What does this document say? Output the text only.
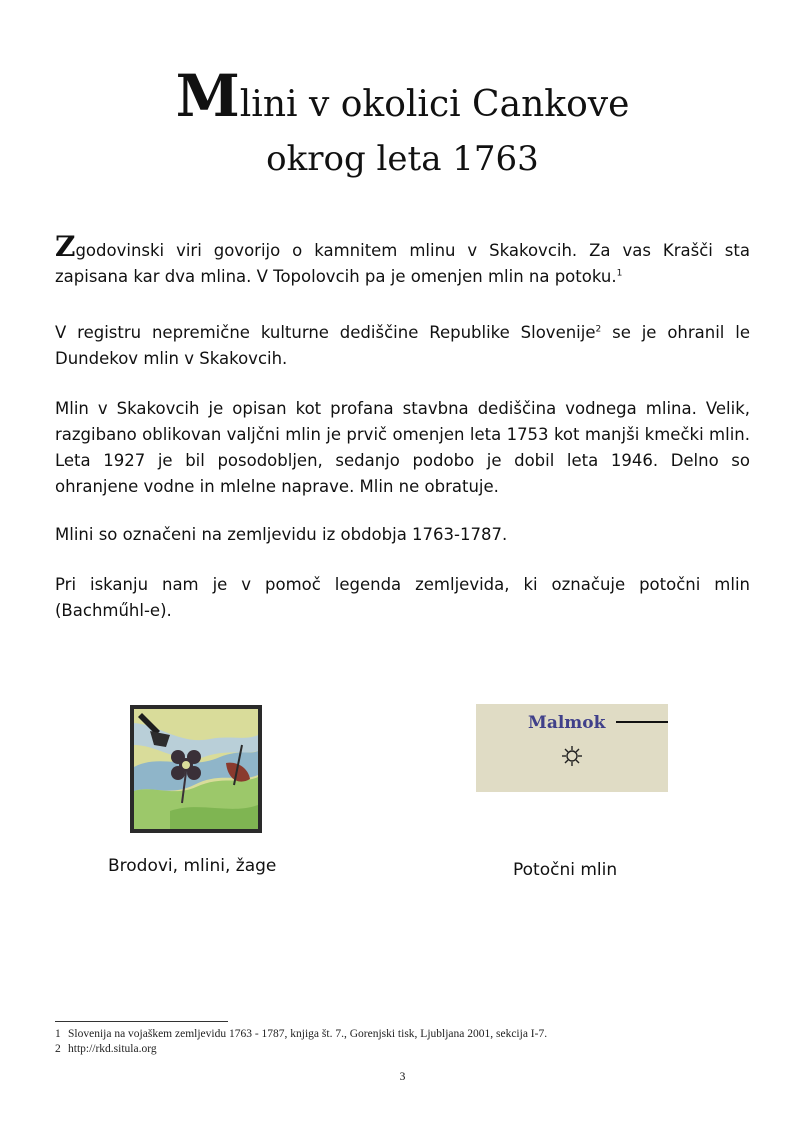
Mlini v okolici Cankove
okrog leta 1763

Zgodovinski viri govorijo o kamnitem mlinu v Skakovcih. Za vas Krašči sta zapisana kar dva mlina. V Topolovcih pa je omenjen mlin na potoku.$^1$

V registru nepremične kulturne dediščine Republike Slovenije$^2$ se je ohranil le Dundekov mlin v Skakovcih.

Mlin v Skakovcih je opisan kot profana stavbna dediščina vodnega mlina. Velik, razgibano oblikovan valjčni mlin je prvič omenjen leta 1753 kot manjši kmečki mlin. Leta 1927 je bil posodobljen, sedanjo podobo je dobil leta 1946. Delno so ohranjene vodne in mlelne naprave. Mlin ne obratuje.

Mlini so označeni na zemljevidu iz obdobja 1763-1787.

Pri iskanju nam je v pomoč legenda zemljevida, ki označuje potočni mlin (Bachműhl-e).

Malmok
Brodovi, mlini, žage	Potočni mlin
1 Slovenija na vojaškem zemljevidu 1763 - 1787, knjiga št. 7., Gorenjski tisk, Ljubljana 2001, sekcija I-7.
2 http://rkd.situla.org
3
